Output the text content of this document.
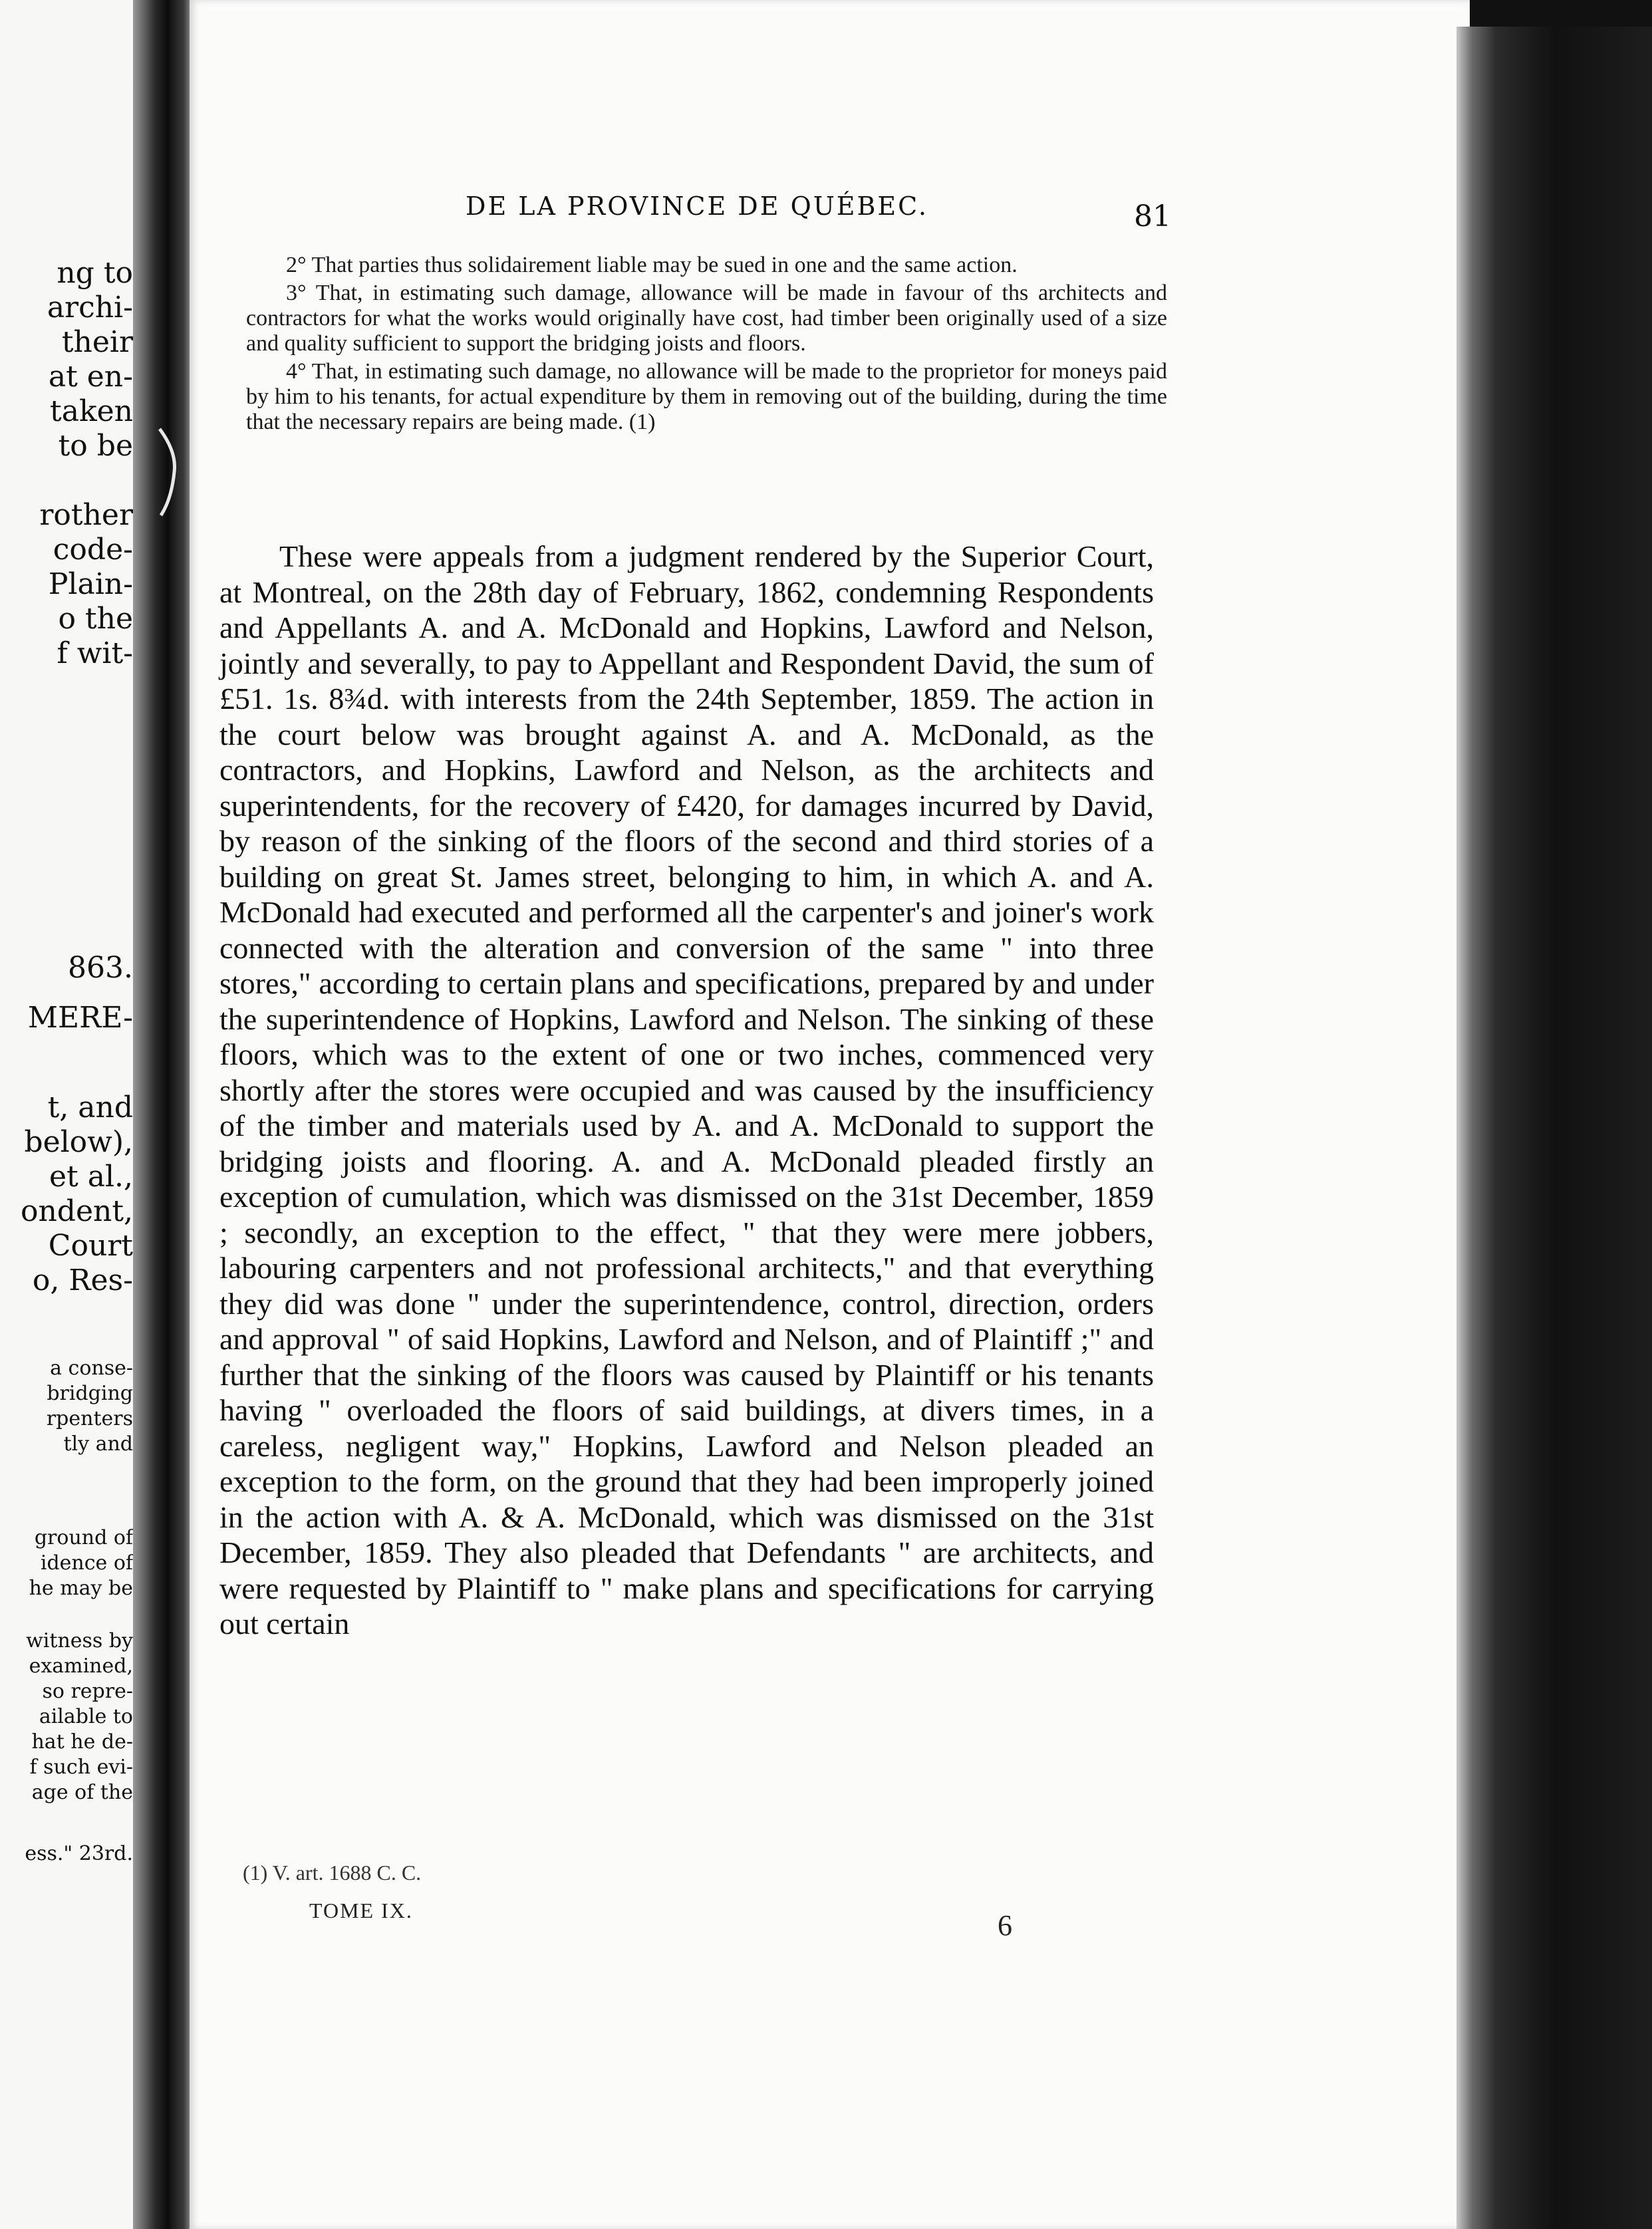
ng to
archi-
their
at en-
taken
to be
rother
code-
Plain-
o the
f wit-
863.
MERE-
t, and
below),
et al.,
ondent,
Court
o, Res-
a conse-
bridging
rpenters
tly and
ground of
idence of
he may be
witness by
examined,
so repre-
ailable to
hat he de-
f such evi-
age of the
ess." 23rd.
DE LA PROVINCE DE QUÉBEC.	81

2° That parties thus solidairement liable may be sued in one and the same action.

3° That, in estimating such damage, allowance will be made in favour of ths architects and contractors for what the works would originally have cost, had timber been originally used of a size and quality sufficient to support the bridging joists and floors.

4° That, in estimating such damage, no allowance will be made to the proprietor for moneys paid by him to his tenants, for actual expenditure by them in removing out of the building, during the time that the necessary repairs are being made. (1)

These were appeals from a judgment rendered by the Superior Court, at Montreal, on the 28th day of February, 1862, condemning Respondents and Appellants A. and A. McDonald and Hopkins, Lawford and Nelson, jointly and severally, to pay to Appellant and Respondent David, the sum of £51. 1s. 8¾d. with interests from the 24th September, 1859. The action in the court below was brought against A. and A. McDonald, as the contractors, and Hopkins, Lawford and Nelson, as the architects and superintendents, for the recovery of £420, for damages incurred by David, by reason of the sinking of the floors of the second and third stories of a building on great St. James street, belonging to him, in which A. and A. McDonald had executed and performed all the carpenter's and joiner's work connected with the alteration and conversion of the same " into three stores," according to certain plans and specifications, prepared by and under the superintendence of Hopkins, Lawford and Nelson. The sinking of these floors, which was to the extent of one or two inches, commenced very shortly after the stores were occupied and was caused by the insufficiency of the timber and materials used by A. and A. McDonald to support the bridging joists and flooring. A. and A. McDonald pleaded firstly an exception of cumulation, which was dismissed on the 31st December, 1859 ; secondly, an exception to the effect, " that they were mere jobbers, labouring carpenters and not professional architects," and that everything they did was done " under the superintendence, control, direction, orders and approval " of said Hopkins, Lawford and Nelson, and of Plaintiff ;" and further that the sinking of the floors was caused by Plaintiff or his tenants having " overloaded the floors of said buildings, at divers times, in a careless, negligent way," Hopkins, Lawford and Nelson pleaded an exception to the form, on the ground that they had been improperly joined in the action with A. & A. McDonald, which was dismissed on the 31st December, 1859. They also pleaded that Defendants " are architects, and were requested by Plaintiff to " make plans and specifications for carrying out certain

(1) V. art. 1688 C. C.
TOME IX.	6
